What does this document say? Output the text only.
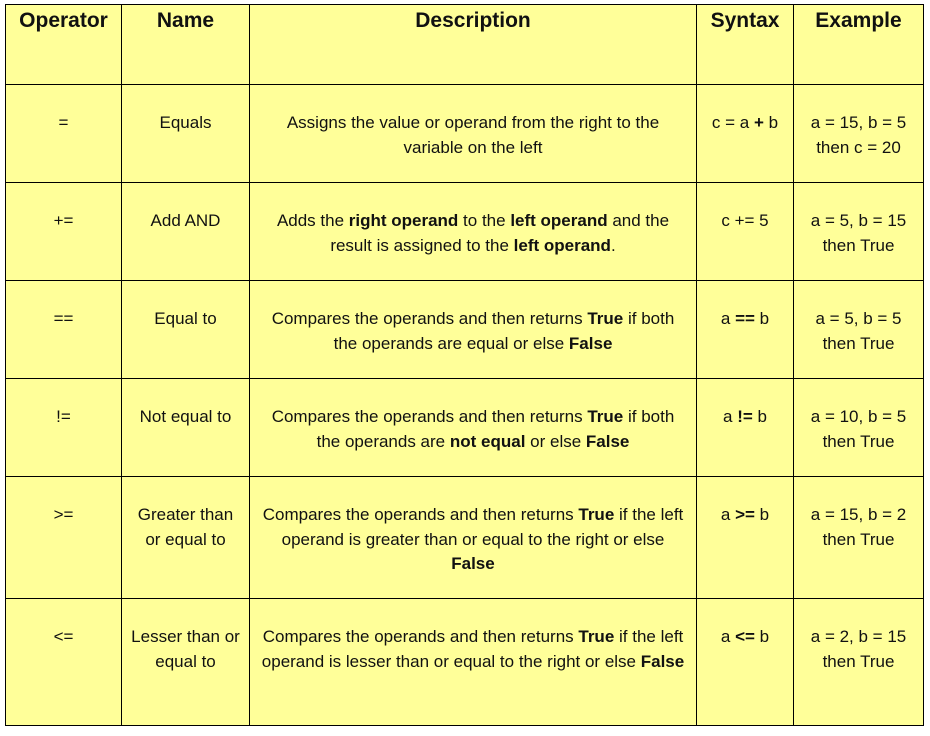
Operator	Name	Description	Syntax	Example
=	Equals	Assigns the value or operand from the right to the variable on the left	c = a + b	a = 15, b = 5 then c = 20
+=	Add AND	Adds the right operand to the left operand and the result is assigned to the left operand.	c += 5	a = 5, b = 15 then True
==	Equal to	Compares the operands and then returns True if both the operands are equal or else False	a == b	a = 5, b = 5 then True
!=	Not equal to	Compares the operands and then returns True if both the operands are not equal or else False	a != b	a = 10, b = 5 then True
>=	Greater than or equal to	Compares the operands and then returns True if the left operand is greater than or equal to the right or else False	a >= b	a = 15, b = 2 then True
<=	Lesser than or equal to	Compares the operands and then returns True if the left operand is lesser than or equal to the right or else False	a <= b	a = 2, b = 15 then True
